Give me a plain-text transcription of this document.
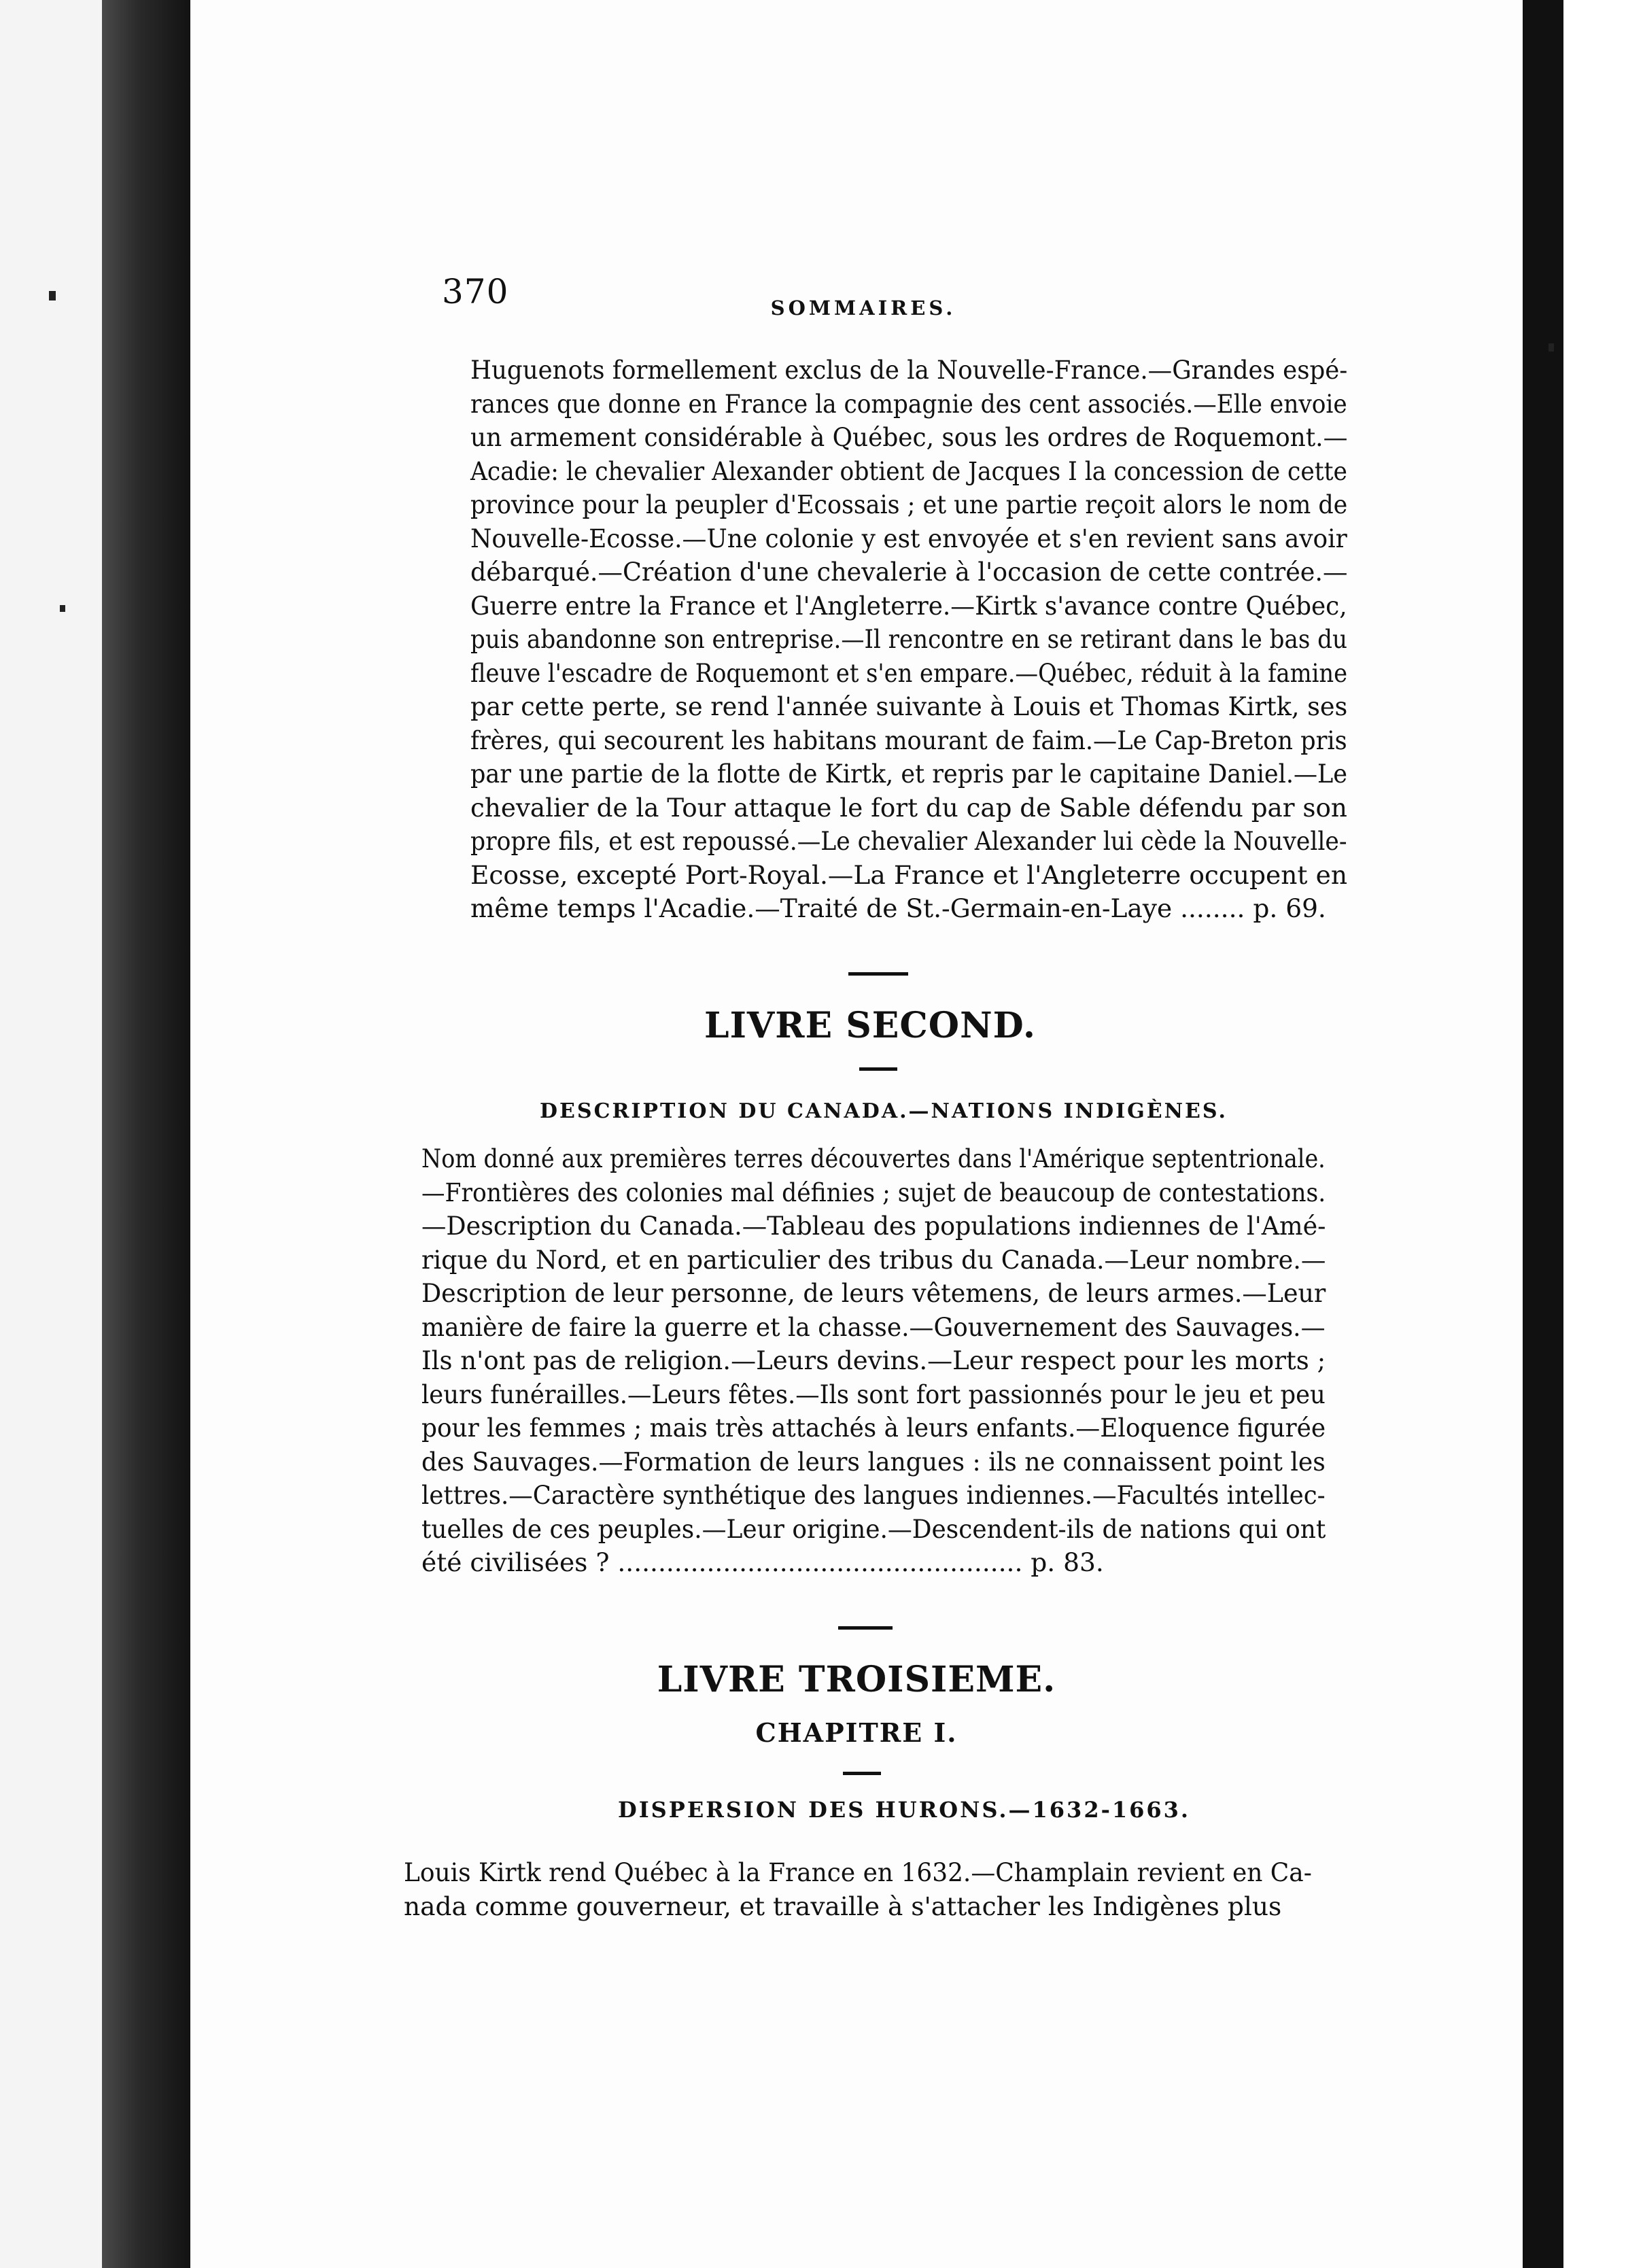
370	SOMMAIRES.
Huguenots formellement exclus de la Nouvelle-France.—Grandes espé-
rances que donne en France la compagnie des cent associés.—Elle envoie
un armement considérable à Québec, sous les ordres de Roquemont.—
Acadie: le chevalier Alexander obtient de Jacques I la concession de cette
province pour la peupler d'Ecossais ; et une partie reçoit alors le nom de
Nouvelle-Ecosse.—Une colonie y est envoyée et s'en revient sans avoir
débarqué.—Création d'une chevalerie à l'occasion de cette contrée.—
Guerre entre la France et l'Angleterre.—Kirtk s'avance contre Québec,
puis abandonne son entreprise.—Il rencontre en se retirant dans le bas du
fleuve l'escadre de Roquemont et s'en empare.—Québec, réduit à la famine
par cette perte, se rend l'année suivante à Louis et Thomas Kirtk, ses
frères, qui secourent les habitans mourant de faim.—Le Cap-Breton pris
par une partie de la flotte de Kirtk, et repris par le capitaine Daniel.—Le
chevalier de la Tour attaque le fort du cap de Sable défendu par son
propre fils, et est repoussé.—Le chevalier Alexander lui cède la Nouvelle-
Ecosse, excepté Port-Royal.—La France et l'Angleterre occupent en
même temps l'Acadie.—Traité de St.-Germain-en-Laye ........ p. 69.
LIVRE SECOND.
DESCRIPTION DU CANADA.—NATIONS INDIGÈNES.
Nom donné aux premières terres découvertes dans l'Amérique septentrionale.
—Frontières des colonies mal définies ; sujet de beaucoup de contestations.
—Description du Canada.—Tableau des populations indiennes de l'Amé-
rique du Nord, et en particulier des tribus du Canada.—Leur nombre.—
Description de leur personne, de leurs vêtemens, de leurs armes.—Leur
manière de faire la guerre et la chasse.—Gouvernement des Sauvages.—
Ils n'ont pas de religion.—Leurs devins.—Leur respect pour les morts ;
leurs funérailles.—Leurs fêtes.—Ils sont fort passionnés pour le jeu et peu
pour les femmes ; mais très attachés à leurs enfants.—Eloquence figurée
des Sauvages.—Formation de leurs langues : ils ne connaissent point les
lettres.—Caractère synthétique des langues indiennes.—Facultés intellec-
tuelles de ces peuples.—Leur origine.—Descendent-ils de nations qui ont
été civilisées ? .................................................. p. 83.
LIVRE TROISIEME.
CHAPITRE I.
DISPERSION DES HURONS.—1632-1663.
Louis Kirtk rend Québec à la France en 1632.—Champlain revient en Ca-
nada comme gouverneur, et travaille à s'attacher les Indigènes plus
